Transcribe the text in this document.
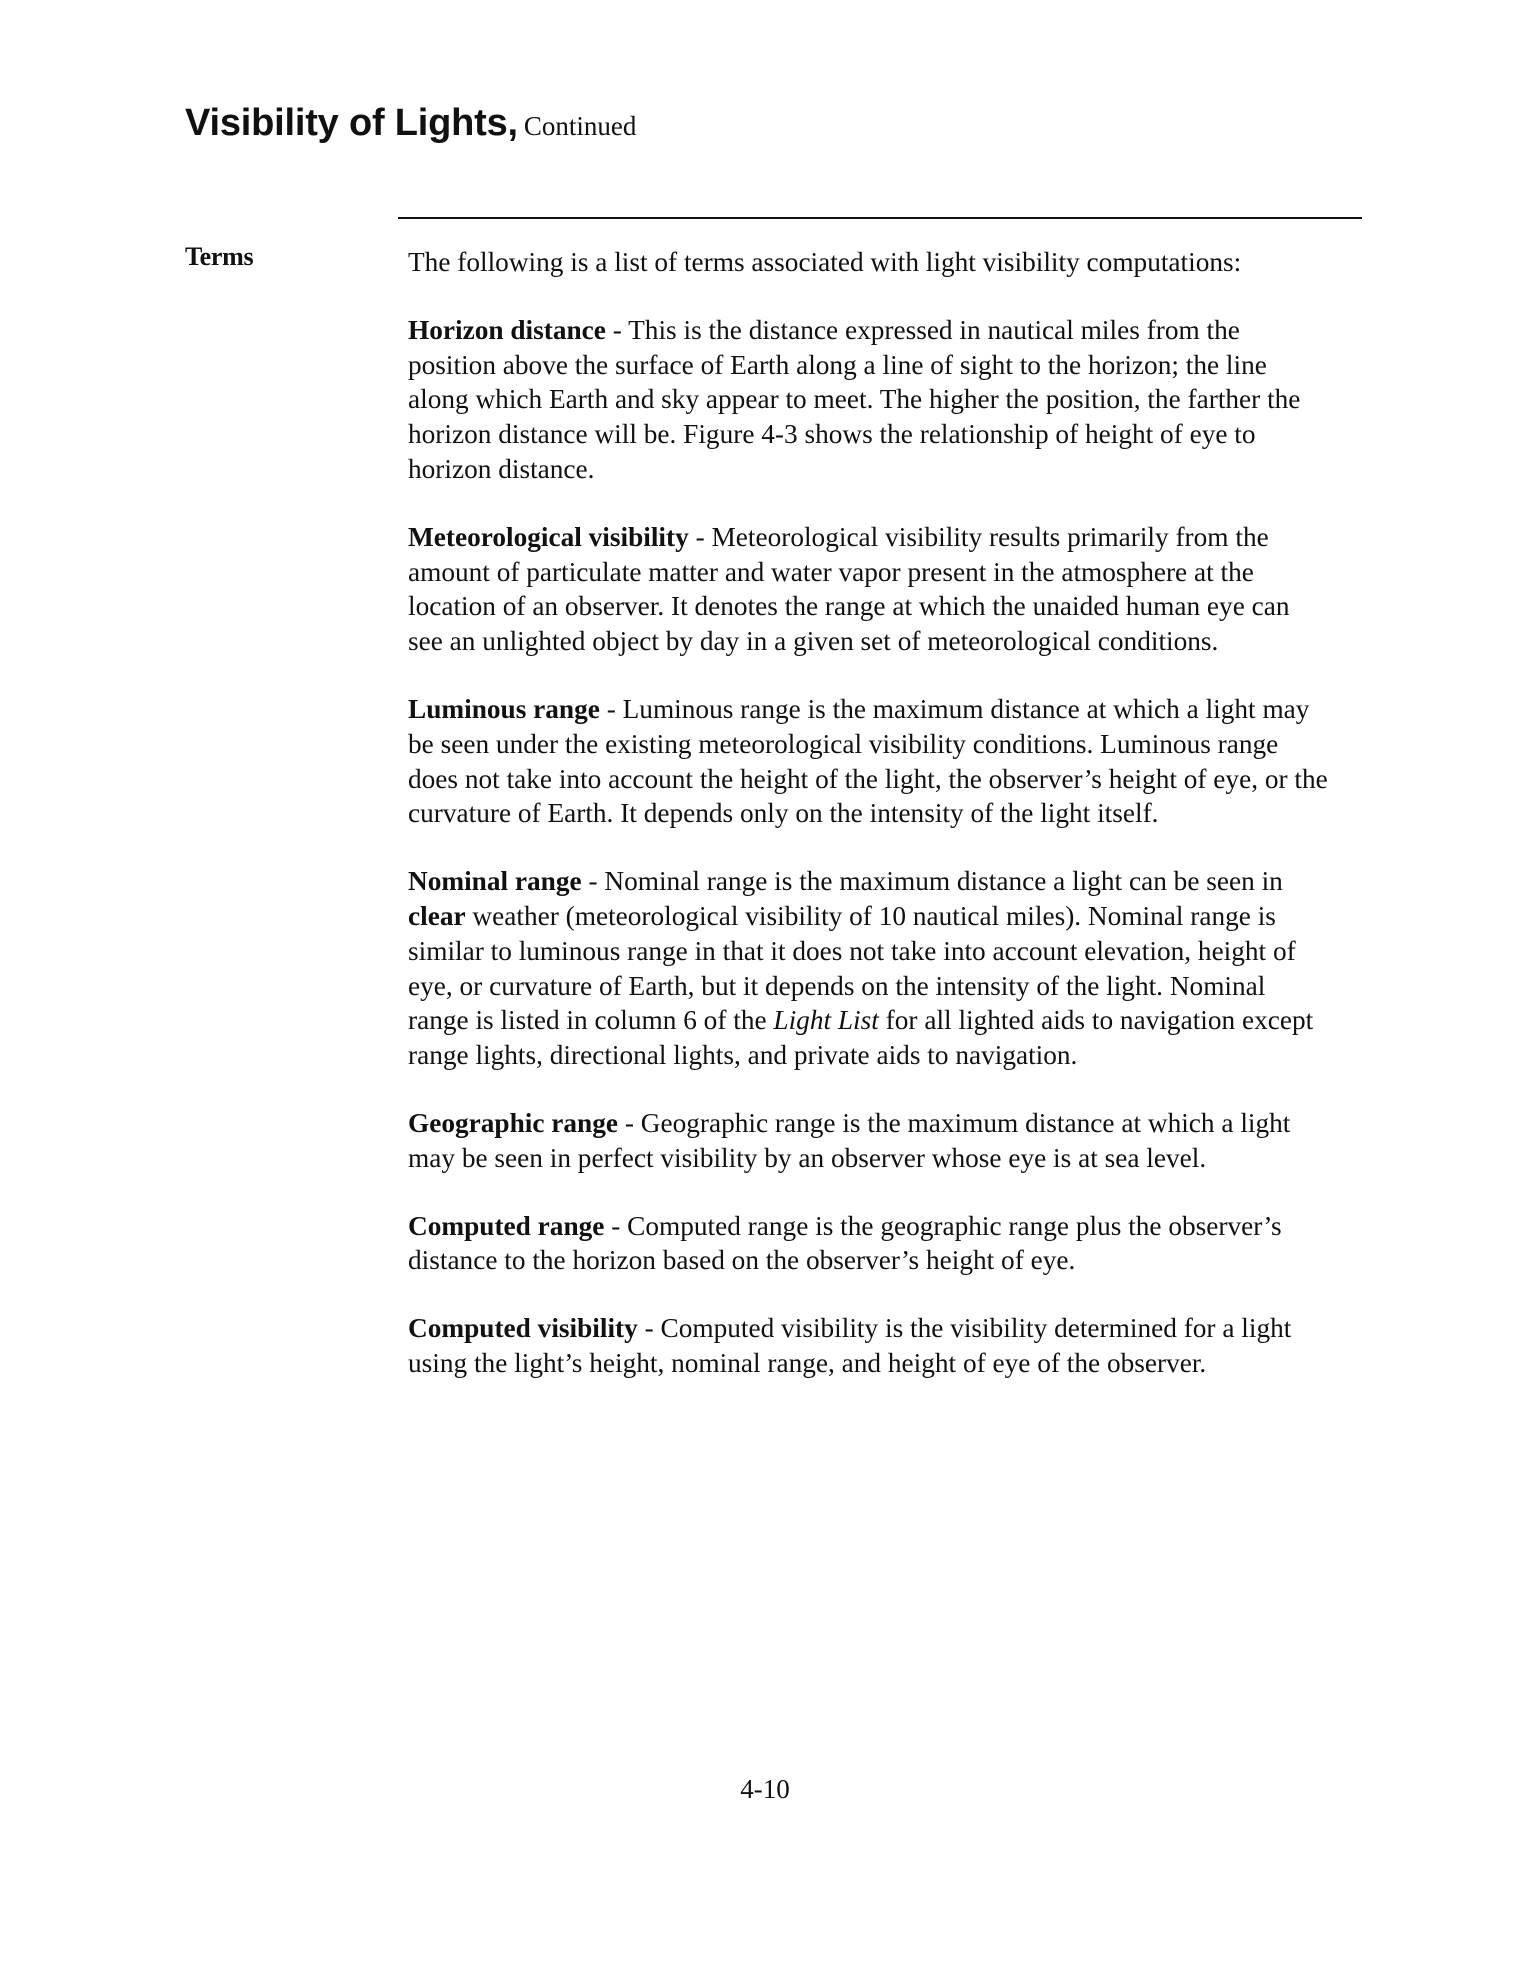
Visibility of Lights, Continued
Terms	The following is a list of terms associated with light visibility computations:

Horizon distance - This is the distance expressed in nautical miles from the position above the surface of Earth along a line of sight to the horizon; the line along which Earth and sky appear to meet. The higher the position, the farther the horizon distance will be. Figure 4-3 shows the relationship of height of eye to horizon distance.

Meteorological visibility - Meteorological visibility results primarily from the amount of particulate matter and water vapor present in the atmosphere at the location of an observer. It denotes the range at which the unaided human eye can see an unlighted object by day in a given set of meteorological conditions.

Luminous range - Luminous range is the maximum distance at which a light may be seen under the existing meteorological visibility conditions. Luminous range does not take into account the height of the light, the observer’s height of eye, or the curvature of Earth. It depends only on the intensity of the light itself.

Nominal range - Nominal range is the maximum distance a light can be seen in clear weather (meteorological visibility of 10 nautical miles). Nominal range is similar to luminous range in that it does not take into account elevation, height of eye, or curvature of Earth, but it depends on the intensity of the light. Nominal range is listed in column 6 of the Light List for all lighted aids to navigation except range lights, directional lights, and private aids to navigation.

Geographic range - Geographic range is the maximum distance at which a light may be seen in perfect visibility by an observer whose eye is at sea level.

Computed range - Computed range is the geographic range plus the observer’s distance to the horizon based on the observer’s height of eye.

Computed visibility - Computed visibility is the visibility determined for a light using the light’s height, nominal range, and height of eye of the observer.

4-10
